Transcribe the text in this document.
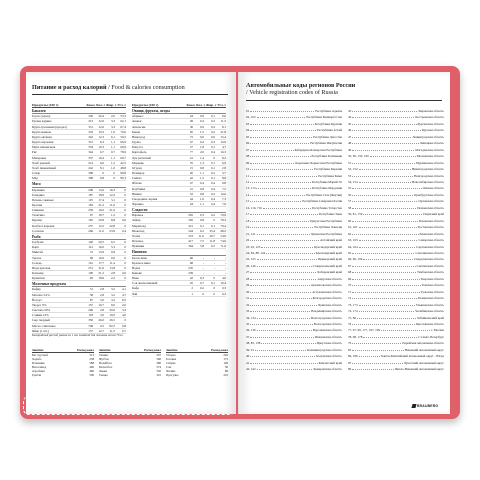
Питание и расход калорий / Food & calories consumption
Продукты (100 г)	Ккал. Бел. г Жир. г Угл. г
Бакалея
Горох (зерно)	336	20,4	2,0	53,3
Гречка ядрица	313	12,6	3,3	62,1
Крупа гречневая (продел)	351	12,6	3,3	67,4
Крупа манная	333	10,3	1,0	70,6
Крупа овсяная	342	12,3	6,1	59,5
Крупа перловая	315	9,3	1,1	66,9
Мука пшеничная	334	10,3	1,1	69,9
Рис	344	6,7	0,7	78,9
Макароны	337	10,4	1,1	69,7
Хлеб ржаной	214	6,6	1,2	42,5
Хлеб пшеничный	242	8,1	1,0	48,8
Сахар	399	0	0	99,8
Мёд	308	0,8	0	80,3
Мясо
Баранина	209	15,6	16,3	0
Говядина	187	18,9	12,4	0
Печень говяжья	125	17,4	3,1	0
Кролик	183	21,2	11,0	0
Свинина	259	16,0	21,6	0
Телятина	97	19,7	1,2	0
Курица	165	20,8	8,8	0,6
Колбаса вареная	257	12,2	22,8	0
Сосиски	266	11,0	23,9	0,4
Рыба
Горбуша	140	20,5	6,5	0
Карп	112	16,0	5,3	0
Минтай	72	15,9	0,9	0
Треска	69	16,0	0,6	0
Сельдь	161	17,7	11,4	0
Икра красная	251	31,6	13,8	0
Кальмар	100	21,2	2,8	2,0
Креветки	95	18,9	2,2	0
Молочные продукты
Кефир	51	2,8	3,2	4,1
Молоко 3,2%	58	2,8	3,2	4,7
Йогурт	87	5,0	3,2	8,5
Творог 9%	157	16,7	9,0	2,0
Сметана 20%	206	2,8	20,0	3,2
Сливки 10%	118	3,0	10,0	4,0
Сыр твердый	350	26,0	26,5	0
Масло сливочное	748	0,5	82,5	0,8
Яйцо (1 шт.)	157	12,7	11,5	0,7
Продукты (100 г)	Ккал. Бел. г Жир. г Угл. г
Овощи, фрукты, ягоды
Абрикос	44	0,9	0,1	9,0
Ананас	49	0,4	0,2	11,5
Апельсин	36	0,9	0,2	8,1
Банан	95	1,5	0,2	21,8
Виноград	72	0,6	0,6	15,4
Груша	47	0,4	0,3	10,9
Капуста	27	1,8	0,1	4,7
Картофель	77	2,0	0,4	16,3
Лук репчатый	41	1,4	0	8,2
Морковь	35	1,3	0,1	6,9
Огурец	15	0,8	0,1	2,8
Помидор	20	1,1	0,2	3,7
Свёкла	42	1,5	0,1	8,8
Яблоко	47	0,4	0,4	9,8
Клубника	41	0,8	0,4	7,5
Вишня	52	0,8	0,2	10,6
Смородина черная	44	1,0	0,4	7,3
Черника	44	1,1	0,4	7,6
Сладости
Варенье	265	0,3	0,2	70,9
Зефир	326	0,8	0	78,3
Мармелад	321	0,1	0,1	79,4
Шоколад	544	6,2	35,4	48,2
Халва	523	11,6	29,7	54,0
Печенье	417	7,5	11,8	74,9
Пряники	364	5,8	6,5	71,6
Напитки
Белое вино	66	-	-	-
Красное вино	68	-	-	-
Водка	235	-	-	-
Коньяк	239	-	-	-
Пиво	42	0,3	0	4,6
Сок апельсиновый	45	0,7	0,1	10,4
Кофе	2	0,2	0	0,3
Чай	1	0	0	0,3
Калорийный расход указан за 1 час занятий для человека весом 70 кг.
Занятие	Расход ккал
Бег трусцой	513
Ходьба	238
Плавание	588
Велосипед	490
Аэробика	460
Гребля	500
Занятие	Расход ккал
Теннис	507
Футбол	560
Волейбол	280
Баскетбол	574
Лыжи	550
Танцы	310
Занятие	Расход ккал
Уборка	245
Готовка	175
Стирка	140
Сон	50
Чтение	80
Прогулка	210
Автомобильные коды регионов России
/ Vehicle registration codes of Russia
01	Республика Адыгея
02, 102	Республика Башкортостан
03	Республика Бурятия
04	Республика Алтай
05	Республика Дагестан
06	Республика Ингушетия
07	Кабардино-Балкарская Республика
08	Республика Калмыкия
09	Карачаево-Черкесская Республика
10	Республика Карелия
11	Республика Коми
12	Республика Марий Эл
13, 113	Республика Мордовия
14	Республика Саха (Якутия)
15	Республика Северная Осетия
16, 116, 716	Республика Татарстан
17	Республика Тыва
18	Удмуртская Республика
19	Республика Хакасия
21, 121	Чувашская Республика
22	Алтайский край
23, 93, 123	Краснодарский край
24, 84, 88, 124	Красноярский край
25, 125	Приморский край
26, 126	Ставропольский край
27	Хабаровский край
28	Амурская область
29	Архангельская область
30	Астраханская область
31	Белгородская область
32	Брянская область
33	Владимирская область
34, 134	Волгоградская область
35	Вологодская область
36, 136	Воронежская область
37	Ивановская область
38, 85, 138	Иркутская область
39, 91	Калининградская область
40	Калужская область
41	Камчатский край
42, 142	Кемеровская область
43	Кировская область
44	Костромская область
45	Курганская область
46	Курская область
47	Ленинградская область
48	Липецкая область
49	Магаданская область
50, 90, 150, 190	Московская область
51	Мурманская область
52, 152	Нижегородская область
53	Новгородская область
54, 154	Новосибирская область
55	Омская область
56	Оренбургская область
57	Орловская область
58	Пензенская область
59, 81, 159	Пермский край
60	Псковская область
61, 161	Ростовская область
62	Рязанская область
63, 163	Самарская область
64, 164	Саратовская область
65	Сахалинская область
66, 96, 196	Свердловская область
67	Смоленская область
68	Тамбовская область
69	Тверская область
70	Томская область
71	Тульская область
72	Тюменская область
73, 173	Ульяновская область
74, 174	Челябинская область
75, 80	Забайкальский край
76	Ярославская область
77, 97, 99, 177, 197, 199	г. Москва
78, 98, 178	г. Санкт-Петербург
79	Еврейская автономная область
83	Ненецкий автономный округ
86, 186	Ханты-Мансийский автономный округ - Югра
87	Чукотский автономный округ
89	Ямало-Ненецкий автономный округ
BRAUBERG
